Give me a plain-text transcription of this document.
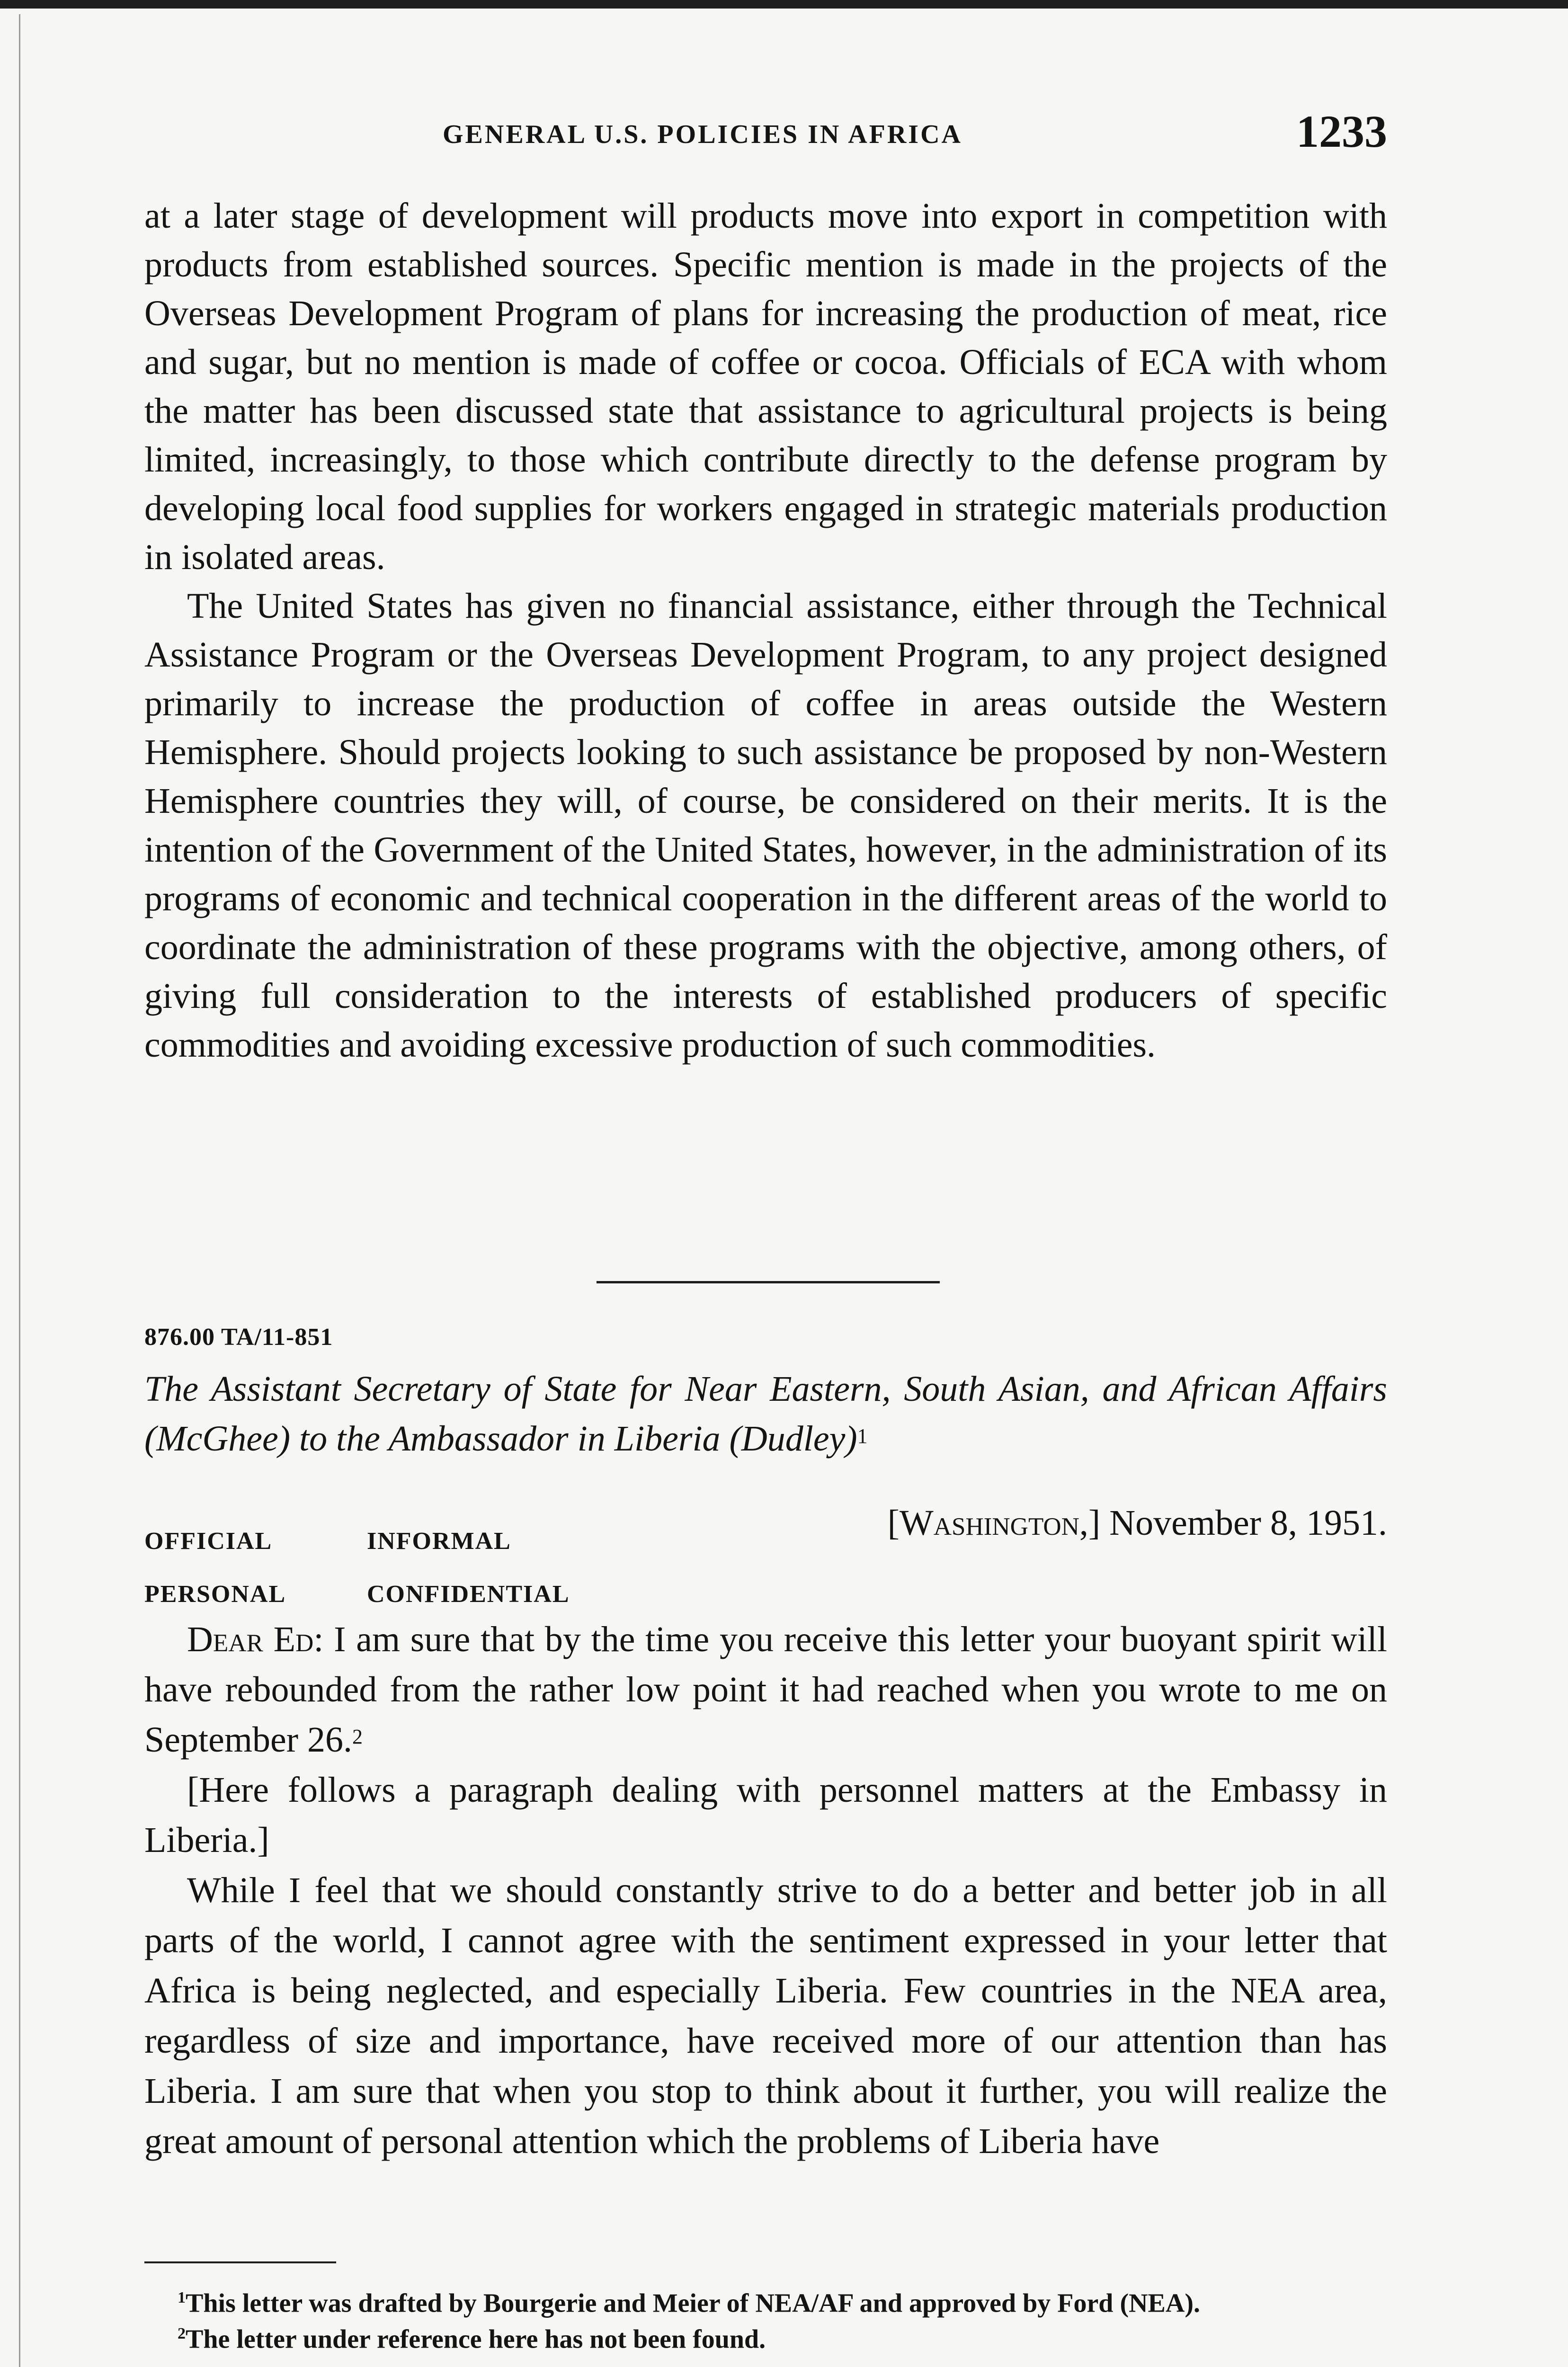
GENERAL U.S. POLICIES IN AFRICA	1233

at a later stage of development will products move into export in competition with products from established sources. Specific mention is made in the projects of the Overseas Development Program of plans for increasing the production of meat, rice and sugar, but no mention is made of coffee or cocoa. Officials of ECA with whom the matter has been discussed state that assistance to agricultural projects is being limited, increasingly, to those which contribute directly to the defense program by developing local food supplies for workers engaged in strategic materials production in isolated areas.

The United States has given no financial assistance, either through the Technical Assistance Program or the Overseas Development Program, to any project designed primarily to increase the production of coffee in areas outside the Western Hemisphere. Should projects looking to such assistance be proposed by non-Western Hemisphere countries they will, of course, be considered on their merits. It is the intention of the Government of the United States, however, in the administration of its programs of economic and technical cooperation in the different areas of the world to coordinate the administration of these programs with the objective, among others, of giving full consideration to the interests of established producers of specific commodities and avoiding excessive production of such commodities.

876.00 TA/11-851
The Assistant Secretary of State for Near Eastern, South Asian, and African Affairs (McGhee) to the Ambassador in Liberia (Dudley)$^1$
OFFICIAL	INFORMAL
PERSONAL	CONFIDENTIAL
[Washington,] November 8, 1951.

Dear Ed: I am sure that by the time you receive this letter your buoyant spirit will have rebounded from the rather low point it had reached when you wrote to me on September 26.$^2$

[Here follows a paragraph dealing with personnel matters at the Embassy in Liberia.]

While I feel that we should constantly strive to do a better and better job in all parts of the world, I cannot agree with the sentiment expressed in your letter that Africa is being neglected, and especially Liberia. Few countries in the NEA area, regardless of size and importance, have received more of our attention than has Liberia. I am sure that when you stop to think about it further, you will realize the great amount of personal attention which the problems of Liberia have

$^1$This letter was drafted by Bourgerie and Meier of NEA/AF and approved by Ford (NEA).

$^2$The letter under reference here has not been found.
